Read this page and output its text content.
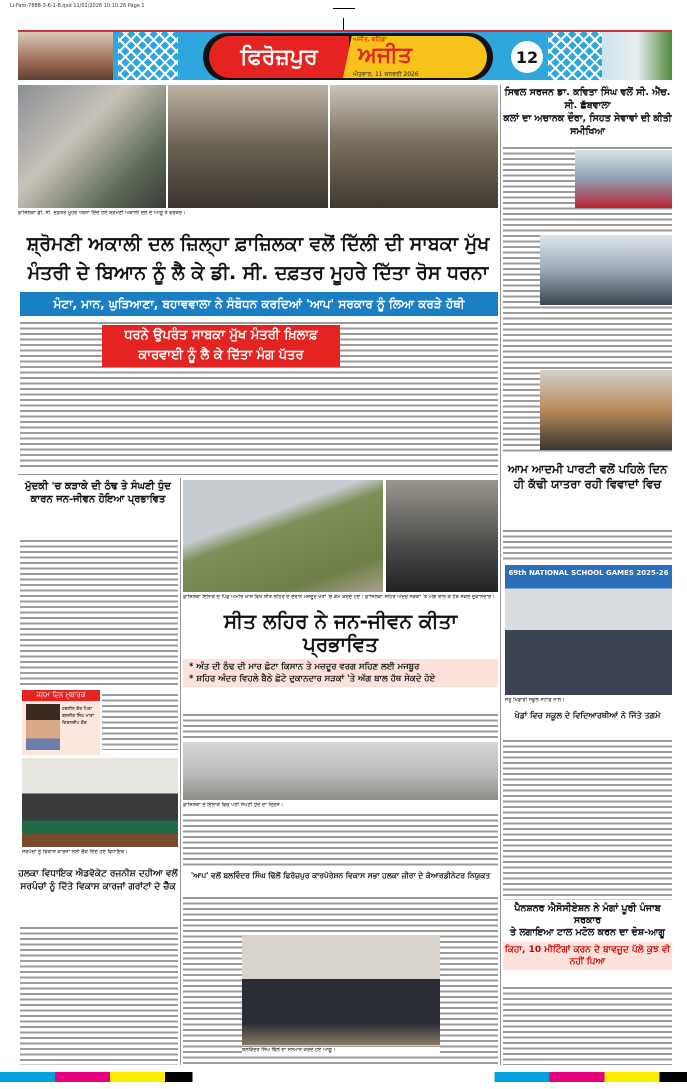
Li-Fam-7888-3-6-1-8.qxd 11/01/2026 10:10:26 Page 1
ਫਿਰੋਜ਼ਪੁਰ	ਅਜੀਤ
ਅਜੀਤ, ਬਠਿੰਡਾ
ਐਤਵਾਰ, 11 ਜਨਵਰੀ 2026
12
ਫ਼ਾਜ਼ਿਲਕਾ ਡੀ. ਸੀ. ਦਫ਼ਤਰ ਮੂਹਰੇ ਧਰਨਾ ਦਿੰਦੇ ਹੋਏ ਸ਼੍ਰੋਮਣੀ ਅਕਾਲੀ ਦਲ ਦੇ ਆਗੂ ਤੇ ਵਰਕਰ।
ਸ਼੍ਰੋਮਣੀ ਅਕਾਲੀ ਦਲ ਜ਼ਿਲ੍ਹਾ ਫ਼ਾਜ਼ਿਲਕਾ ਵਲੋਂ ਦਿੱਲੀ ਦੀ ਸਾਬਕਾ ਮੁੱਖ
ਮੰਤਰੀ ਦੇ ਬਿਆਨ ਨੂੰ ਲੈ ਕੇ ਡੀ. ਸੀ. ਦਫ਼ਤਰ ਮੂਹਰੇ ਦਿੱਤਾ ਰੋਸ ਧਰਨਾ
ਮੰਟਾ, ਮਾਨ, ਘੁੜਿਆਣਾ, ਬਹਾਵਵਾਲਾ ਨੇ ਸੰਬੋਧਨ ਕਰਦਿਆਂ 'ਆਪ' ਸਰਕਾਰ ਨੂੰ ਲਿਆ ਕਰੜੇ ਹੱਥੀ
ਧਰਨੇ ਉਪਰੰਤ ਸਾਬਕਾ ਮੁੱਖ ਮੰਤਰੀ ਖ਼ਿਲਾਫ਼
ਕਾਰਵਾਈ ਨੂੰ ਲੈ ਕੇ ਦਿੱਤਾ ਮੰਗ ਪੱਤਰ
ਸਿਵਲ ਸਰਜਨ ਡਾ. ਕਵਿਤਾ ਸਿੰਘ ਵਲੋਂ ਸੀ. ਐੱਚ. ਸੀ. ਛੱਬਵਾਲਾ
ਕਲਾਂ ਦਾ ਅਚਾਨਕ ਦੌਰਾ, ਸਿਹਤ ਸੇਵਾਵਾਂ ਦੀ ਕੀਤੀ ਸਮੀਖਿਆ
ਆਮ ਆਦਮੀ ਪਾਰਟੀ ਵਲੋਂ ਪਹਿਲੇ ਦਿਨ
ਹੀ ਕੱਢੀ ਯਾਤਰਾ ਰਹੀ ਵਿਵਾਦਾਂ ਵਿਚ
69th NATIONAL SCHOOL GAMES 2025-26
ਜੇਤੂ ਖਿਡਾਰੀ ਸਕੂਲ ਸਟਾਫ਼ ਨਾਲ।
ਖੇਡਾਂ ਵਿਚ ਸਕੂਲ ਦੇ ਵਿਦਿਆਰਥੀਆਂ ਨੇ ਜਿੱਤੇ ਤਗਮੇ
ਪੈਨਸ਼ਨਰ ਐਸੋਸੀਏਸ਼ਨ ਨੇ ਮੰਗਾਂ ਪੂਰੀ ਪੰਜਾਬ ਸਰਕਾਰ
ਤੇ ਲਗਾਇਆ ਟਾਲ ਮਟੋਲ ਕਰਨ ਦਾ ਦੋਸ਼-ਆਗੂ
ਕਿਹਾ, 10 ਮੀਟਿੰਗਾਂ ਕਰਨ ਦੇ ਬਾਵਜੂਦ ਪੱਲੇ ਕੁਝ ਵੀ ਨਹੀਂ ਪਿਆ
ਮੁੱਦਕੀ 'ਚ ਕੜਾਕੇ ਦੀ ਠੰਢ ਤੇ ਸੰਘਣੀ ਧੁੰਦ
ਕਾਰਨ ਜਨ-ਜੀਵਨ ਹੋਇਆ ਪ੍ਰਭਾਵਿਤ
ਜਨਮ ਦਿਨ ਮੁਬਾਰਕ
ਹਰਲੀਨ ਕੌਰ ਪਿਤਾ ਬਲਜੀਤ ਸਿੰਘ ਮਾਤਾ ਕਿਰਨਦੀਪ ਕੌਰ
ਸਰਪੰਚਾਂ ਨੂੰ ਵਿਕਾਸ ਕਾਰਜਾਂ ਲਈ ਚੈੱਕ ਦਿੰਦੇ ਹੋਏ ਵਿਧਾਇਕ।
ਹਲਕਾ ਵਿਧਾਇਕ ਐਡਵੋਕੇਟ ਰਜਨੀਸ਼ ਦਹੀਆ ਵਲੋਂ
ਸਰਪੰਚਾਂ ਨੂੰ ਦਿੱਤੇ ਵਿਕਾਸ ਕਾਰਜਾਂ ਗਰਾਂਟਾਂ ਦੇ ਚੈੱਕ
ਫ਼ਾਜ਼ਿਲਕਾ ਇਲਾਕੇ ਦੇ ਪਿੰਡ ਅਮੀਰ ਖ਼ਾਸ ਵਿਖੇ ਸੀਤ ਲਹਿਰ ਦੇ ਦੌਰਾਨ ਮਜ਼ਦੂਰ ਖੇਤਾਂ 'ਚ ਕੰਮ ਕਰਦੇ ਹੋਏ। ਫ਼ਾਜ਼ਿਲਕਾ ਸ਼ਹਿਰ ਅੰਦਰ ਸੜਕਾਂ 'ਤੇ ਅੱਗ ਬਾਲ ਕੇ ਹੱਥ ਸੇਕਦੇ ਦੁਕਾਨਦਾਰ।
ਸੀਤ ਲਹਿਰ ਨੇ ਜਨ-ਜੀਵਨ ਕੀਤਾ ਪ੍ਰਭਾਵਿਤ
* ਅੰਤ ਦੀ ਠੰਢ ਦੀ ਮਾਰ ਛੋਟਾ ਕਿਸਾਨ ਤੇ ਮਜ਼ਦੂਰ ਵਰਗ ਸਹਿਣ ਲਈ ਮਜਬੂਰ
* ਸ਼ਹਿਰ ਅੰਦਰ ਵਿਹਲੇ ਬੈਠੇ ਛੋਟੇ ਦੁਕਾਨਦਾਰ ਸੜਕਾਂ 'ਤੇ ਅੱਗ ਬਾਲ ਹੱਥ ਸੇਕਦੇ ਹੋਏ
ਫ਼ਾਜ਼ਿਲਕਾ ਦੇ ਇਲਾਕੇ ਵਿਚ ਪਈ ਸੰਘਣੀ ਧੁੰਦ ਦਾ ਦ੍ਰਿਸ਼।
'ਆਪ' ਵਲੋਂ ਬਲਵਿੰਦਰ ਸਿੰਘ ਢਿੱਲੋਂ ਫਿਰੋਜ਼ਪੁਰ ਕਾਰਪੋਰੇਸ਼ਨ ਵਿਕਾਸ ਸਭਾ ਹਲਕਾ ਜ਼ੀਰਾ ਦੇ ਕੋਆਰਡੀਨੇਟਰ ਨਿਯੁਕਤ
ਬਲਵਿੰਦਰ ਸਿੰਘ ਢਿੱਲੋਂ ਦਾ ਸਨਮਾਨ ਕਰਦੇ ਹੋਏ ਆਗੂ।
